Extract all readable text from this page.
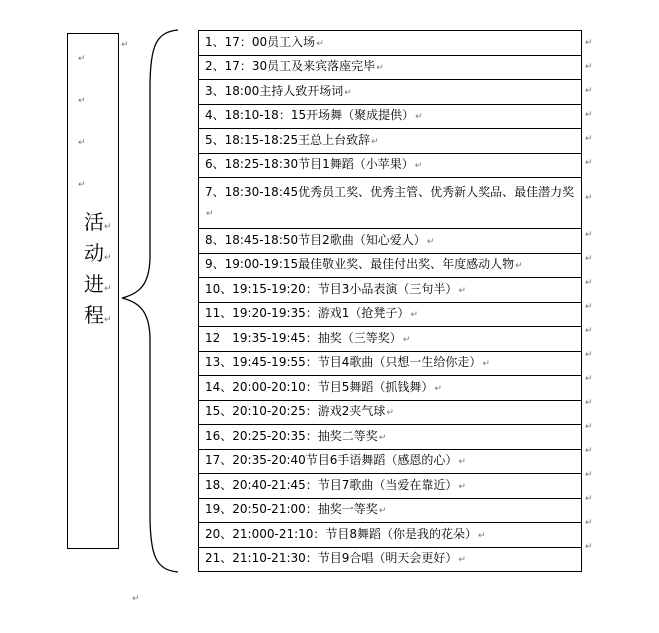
↵
↵
↵
↵
活 ↵
动 ↵
进 ↵
程 ↵
↵
↵
1、17：00员工入场↵
2、17：30员工及来宾落座完毕↵
3、18:00主持人致开场词↵
4、18:10-18：15开场舞（聚成提供）↵
5、18:15-18:25王总上台致辞↵
6、18:25-18:30节目1舞蹈（小苹果）↵
7、18:30-18:45优秀员工奖、优秀主管、优秀新人奖品、最佳潜力奖↵
8、18:45-18:50节目2歌曲（知心爱人）↵
9、19:00-19:15最佳敬业奖、最佳付出奖、年度感动人物↵
10、19:15-19:20：节目3小品表演（三句半）↵
11、19:20-19:35：游戏1（抢凳子）↵
12　19:35-19:45：抽奖（三等奖）↵
13、19:45-19:55：节目4歌曲（只想一生给你走）↵
14、20:00-20:10：节目5舞蹈（抓钱舞）↵
15、20:10-20:25：游戏2夹气球↵
16、20:25-20:35：抽奖二等奖↵
17、20:35-20:40节目6手语舞蹈（感恩的心）↵
18、20:40-21:45：节目7歌曲（当爱在靠近）↵
19、20:50-21:00：抽奖一等奖↵
20、21:000-21:10：节目8舞蹈（你是我的花朵）↵
21、21:10-21:30：节目9合唱（明天会更好）↵
↵
↵
↵
↵
↵
↵
↵
↵
↵
↵
↵
↵
↵
↵
↵
↵
↵
↵
↵
↵
↵
